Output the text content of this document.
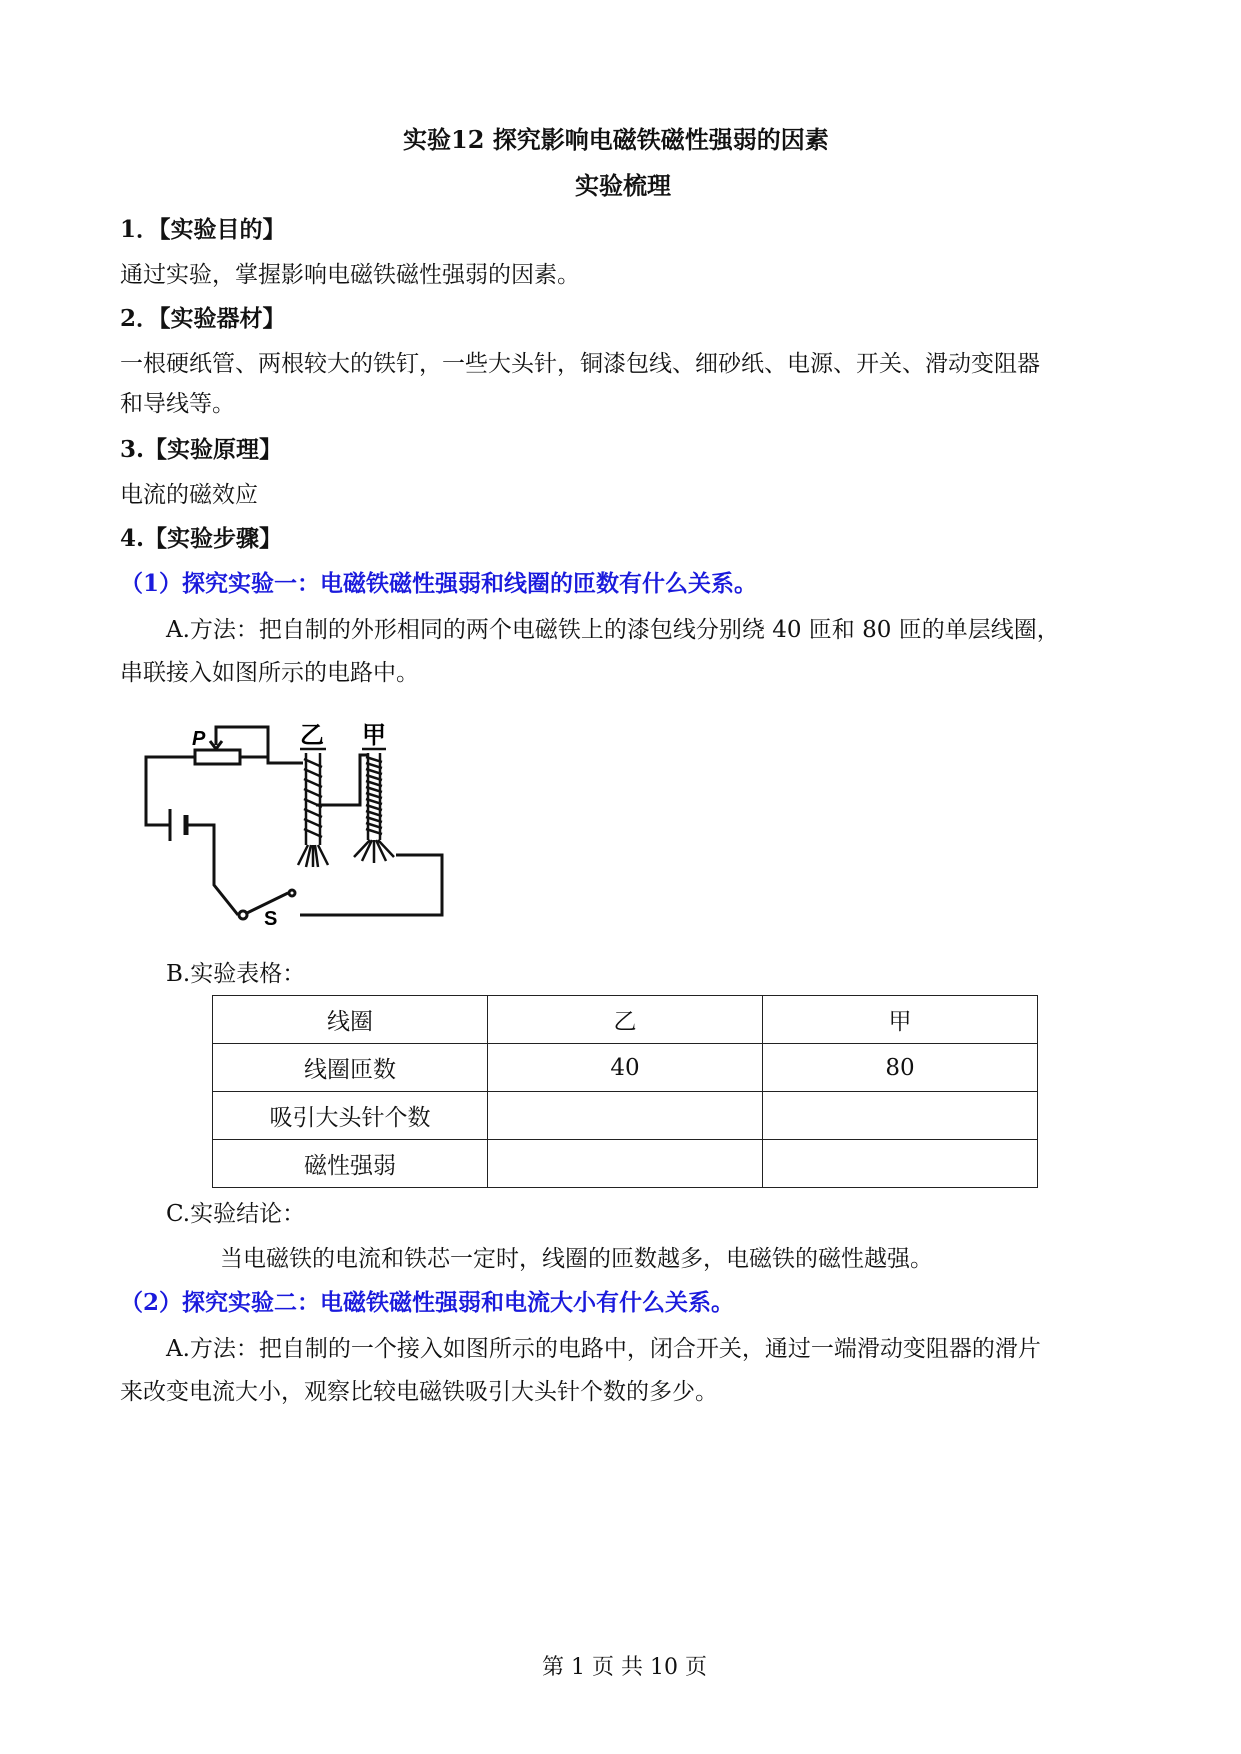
实验12 探究影响电磁铁磁性强弱的因素
实验梳理
1．【实验目的】
通过实验，掌握影响电磁铁磁性强弱的因素。
2．【实验器材】
一根硬纸管、两根较大的铁钉，一些大头针，铜漆包线、细砂纸、电源、开关、滑动变阻器
和导线等。
3.【实验原理】
电流的磁效应
4.【实验步骤】
（1）探究实验一：电磁铁磁性强弱和线圈的匝数有什么关系。
A.方法：把自制的外形相同的两个电磁铁上的漆包线分别绕 40 匝和 80 匝的单层线圈，
串联接入如图所示的电路中。
P	乙 甲
S
B.实验表格：
线圈	乙	甲
线圈匝数	40	80
吸引大头针个数		
磁性强弱		
C.实验结论：
当电磁铁的电流和铁芯一定时，线圈的匝数越多，电磁铁的磁性越强。
（2）探究实验二：电磁铁磁性强弱和电流大小有什么关系。
A.方法：把自制的一个接入如图所示的电路中，闭合开关，通过一端滑动变阻器的滑片
来改变电流大小，观察比较电磁铁吸引大头针个数的多少。
第 1 页 共 10 页
